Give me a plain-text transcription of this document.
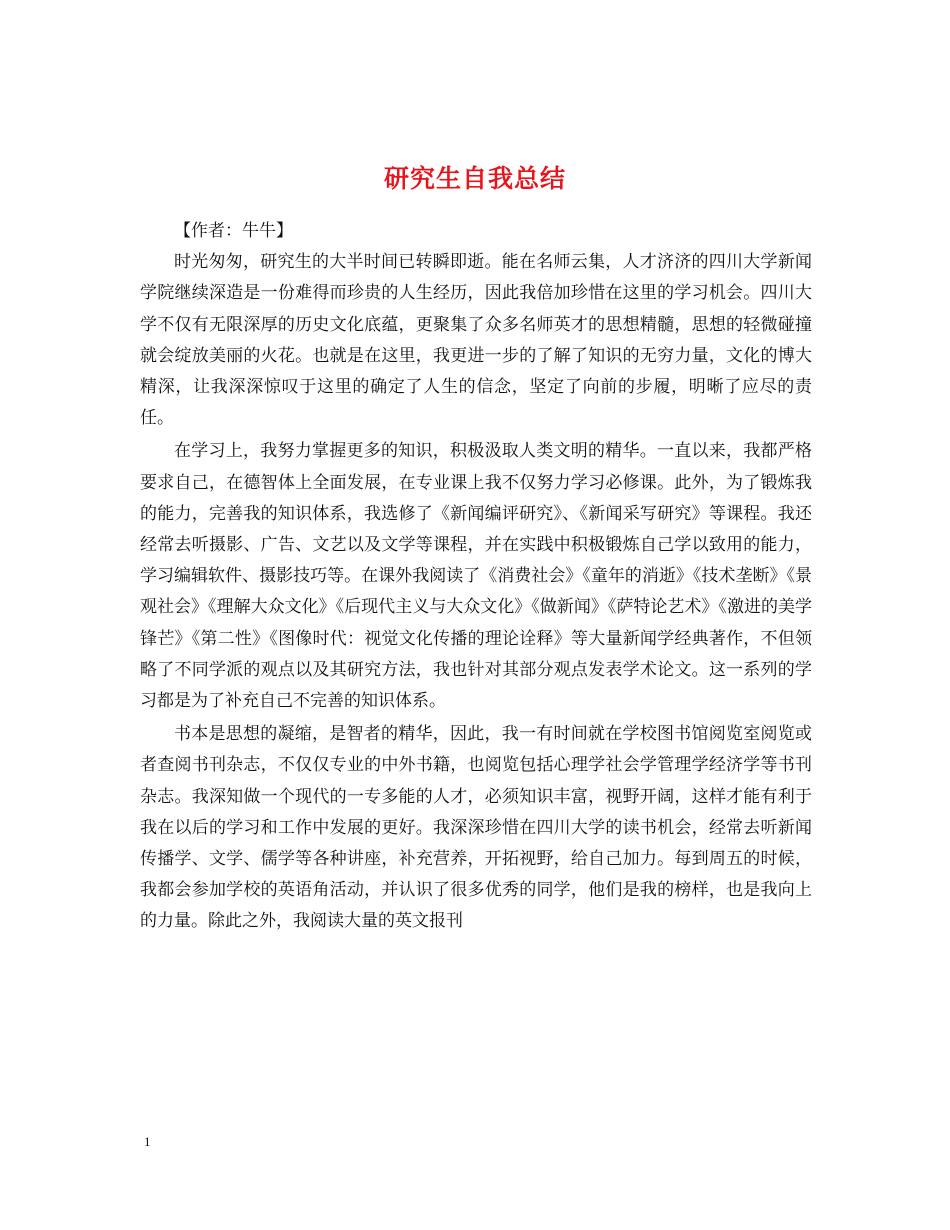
研究生自我总结

【作者：牛牛】

时光匆匆，研究生的大半时间已转瞬即逝。能在名师云集，人才济济的四川大学新闻学院继续深造是一份难得而珍贵的人生经历，因此我倍加珍惜在这里的学习机会。四川大学不仅有无限深厚的历史文化底蕴，更聚集了众多名师英才的思想精髓，思想的轻微碰撞就会绽放美丽的火花。也就是在这里，我更进一步的了解了知识的无穷力量，文化的博大精深，让我深深惊叹于这里的确定了人生的信念，坚定了向前的步履，明晰了应尽的责任。

在学习上，我努力掌握更多的知识，积极汲取人类文明的精华。一直以来，我都严格要求自己，在德智体上全面发展，在专业课上我不仅努力学习必修课。此外，为了锻炼我的能力，完善我的知识体系，我选修了《新闻编评研究》、《新闻采写研究》等课程。我还经常去听摄影、广告、文艺以及文学等课程，并在实践中积极锻炼自己学以致用的能力，学习编辑软件、摄影技巧等。在课外我阅读了《消费社会》《童年的消逝》《技术垄断》《景观社会》《理解大众文化》《后现代主义与大众文化》《做新闻》《萨特论艺术》《激进的美学锋芒》《第二性》《图像时代：视觉文化传播的理论诠释》等大量新闻学经典著作，不但领略了不同学派的观点以及其研究方法，我也针对其部分观点发表学术论文。这一系列的学习都是为了补充自己不完善的知识体系。

书本是思想的凝缩，是智者的精华，因此，我一有时间就在学校图书馆阅览室阅览或者查阅书刊杂志，不仅仅专业的中外书籍，也阅览包括心理学社会学管理学经济学等书刊杂志。我深知做一个现代的一专多能的人才，必须知识丰富，视野开阔，这样才能有利于我在以后的学习和工作中发展的更好。我深深珍惜在四川大学的读书机会，经常去听新闻传播学、文学、儒学等各种讲座，补充营养，开拓视野，给自己加力。每到周五的时候，我都会参加学校的英语角活动，并认识了很多优秀的同学，他们是我的榜样，也是我向上的力量。除此之外，我阅读大量的英文报刊

1
